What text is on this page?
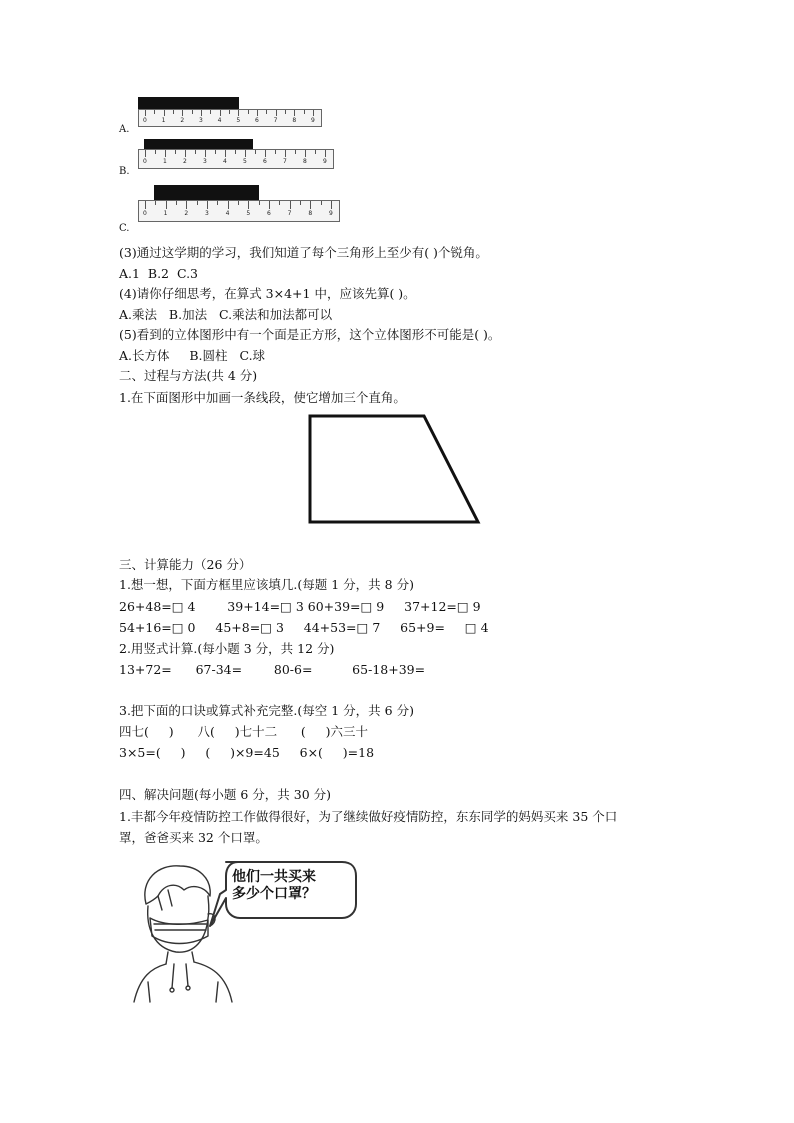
0 1 2 3 4 5 6 7 8 9
A.
0	1	2	3	4	5	6	7	8	9
B.
0	1	2	3	4	5	6	7	8	9
C.
(3)通过这学期的学习，我们知道了每个三角形上至少有( )个锐角。
A.1  B.2  C.3
(4)请你仔细思考，在算式 3×4+1 中，应该先算( )。
A.乘法   B.加法   C.乘法和加法都可以
(5)看到的立体图形中有一个面是正方形，这个立体图形不可能是( )。
A.长方体     B.圆柱   C.球
二、过程与方法(共 4 分)
1.在下面图形中加画一条线段，使它增加三个直角。
三、计算能力（26 分）
1.想一想，下面方框里应该填几.(每题 1 分，共 8 分)
26+48=□ 4        39+14=□ 3 60+39=□ 9     37+12=□ 9
54+16=□ 0     45+8=□ 3     44+53=□ 7     65+9=     □ 4
2.用竖式计算.(每小题 3 分，共 12 分)
13+72=      67-34=        80-6=          65-18+39=
3.把下面的口诀或算式补充完整.(每空 1 分，共 6 分)
四七(     )      八(     )七十二      (     )六三十
3×5=(     )     (     )×9=45     6×(     )=18
四、解决问题(每小题 6 分，共 30 分)
1.丰都今年疫情防控工作做得很好，为了继续做好疫情防控，东东同学的妈妈买来 35 个口
罩，爸爸买来 32 个口罩。
他们一共买来
多少个口罩？
